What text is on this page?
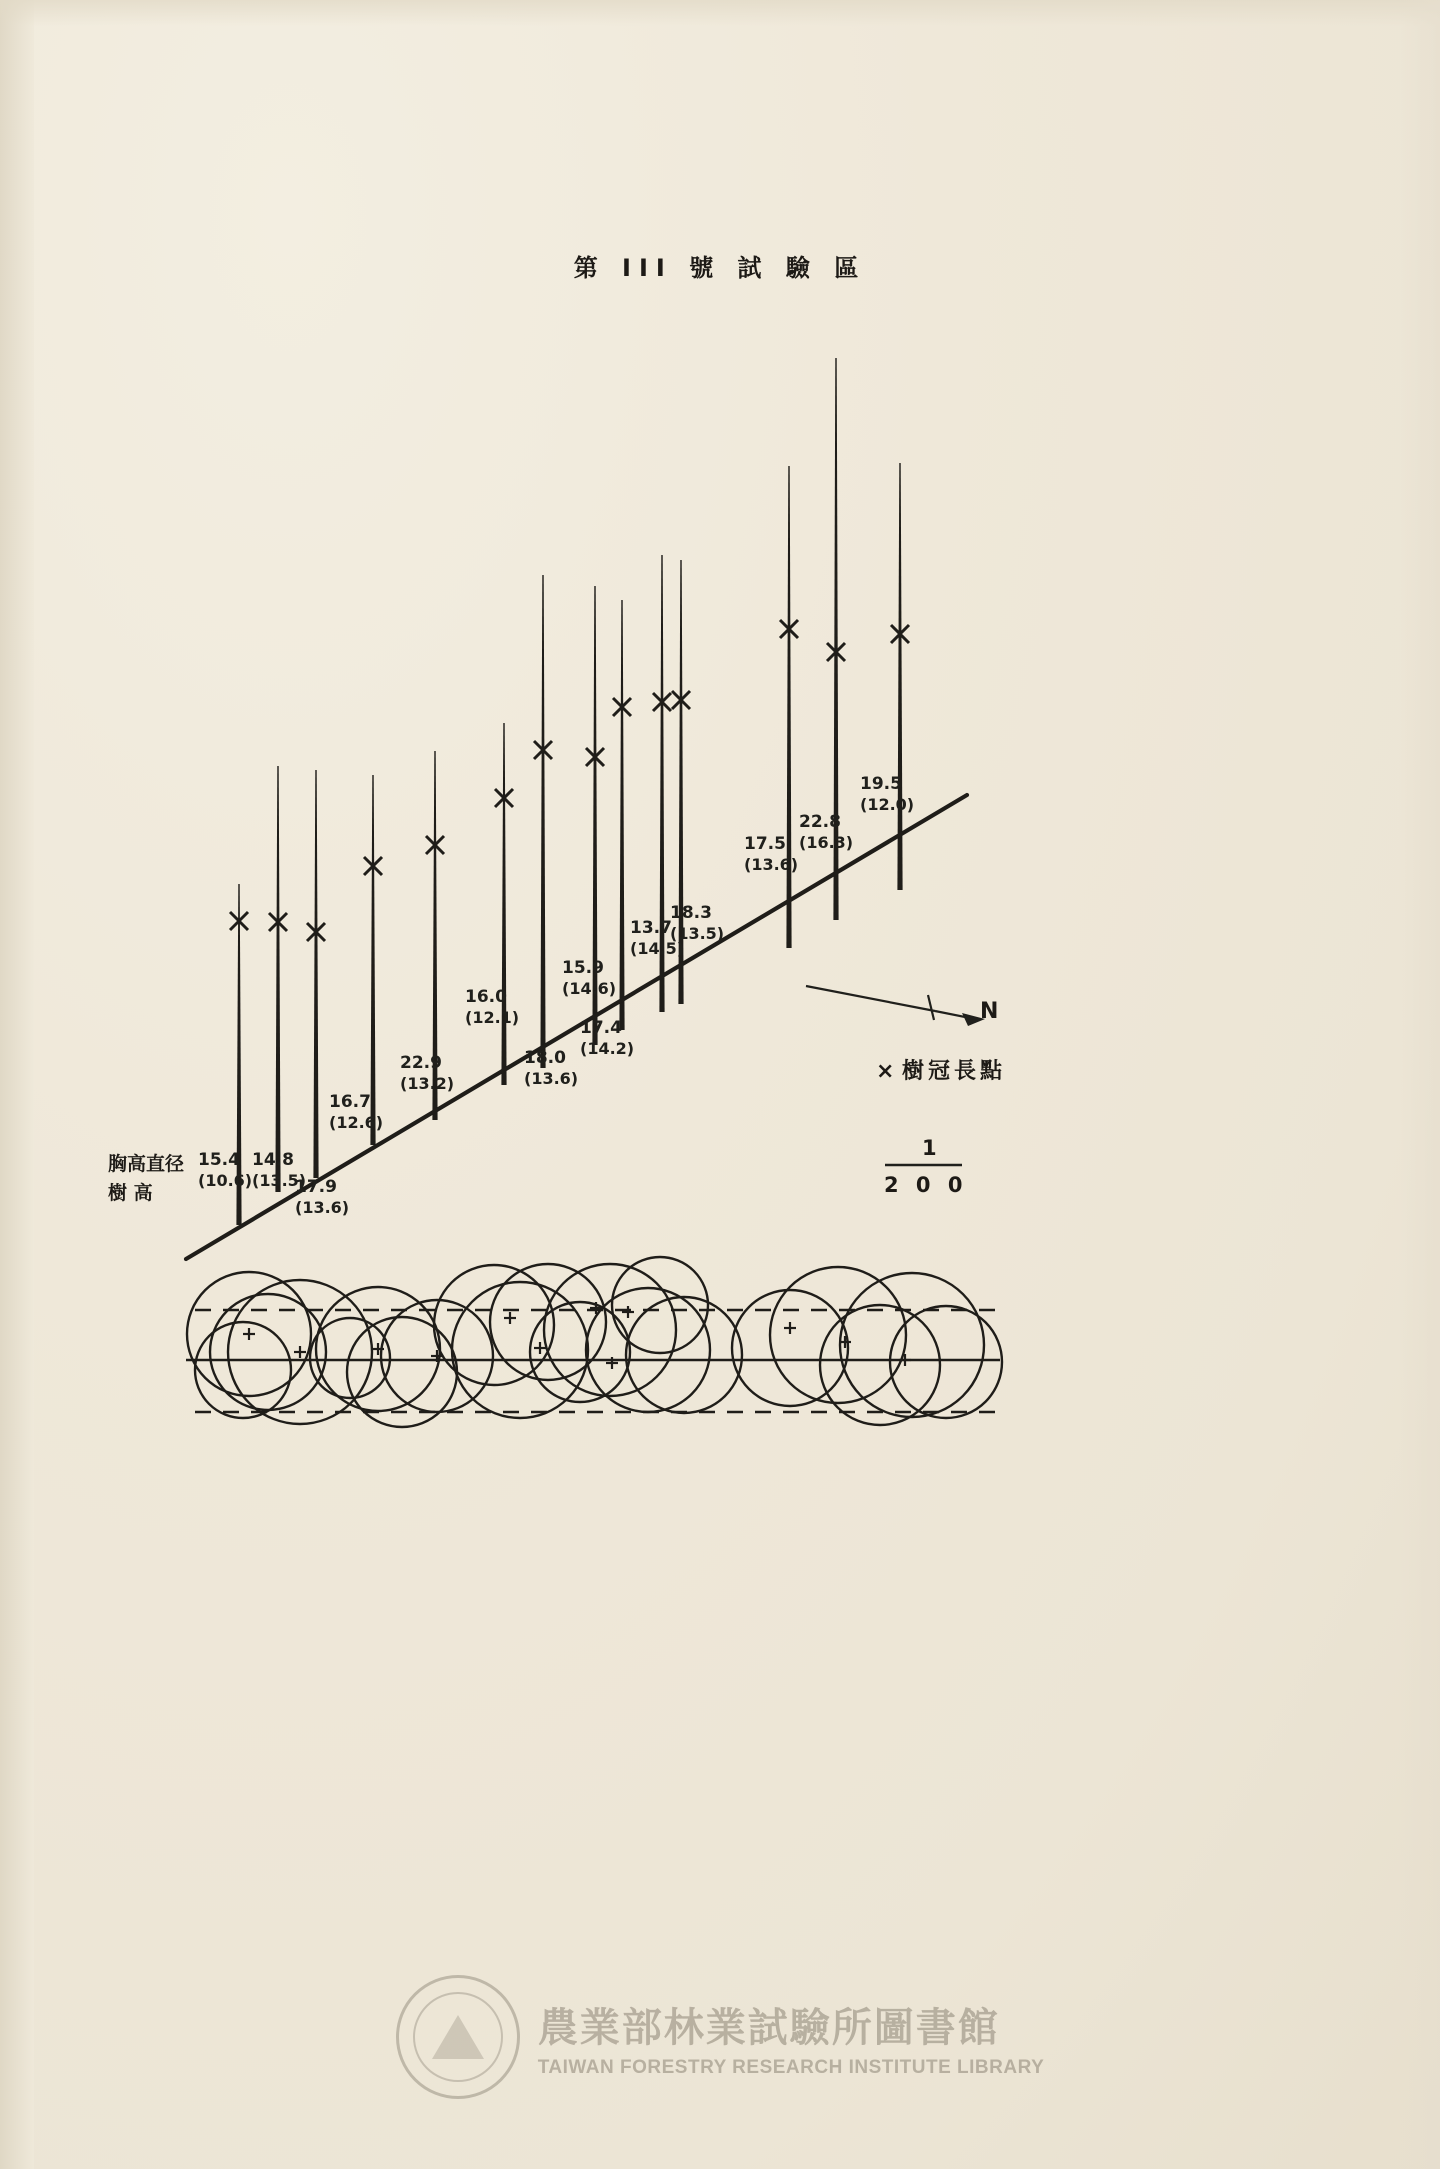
第 III 號 試 驗 區
15.4
(10.6)
14.8
(13.5)
17.9
(13.6)
16.7
(12.6)
22.9
(13.2)
16.0
(12.1)
18.0
(13.6)
15.9
(14.6)
17.4
(14.2)
13.7
(14.5)
18.3
(13.5)
17.5
(13.6)
22.8
(16.3)
19.5
(12.0)
胸高直径
樹 高
N
× 樹冠長點
1
2 0 0
農業部林業試驗所圖書館
TAIWAN FORESTRY RESEARCH INSTITUTE LIBRARY
